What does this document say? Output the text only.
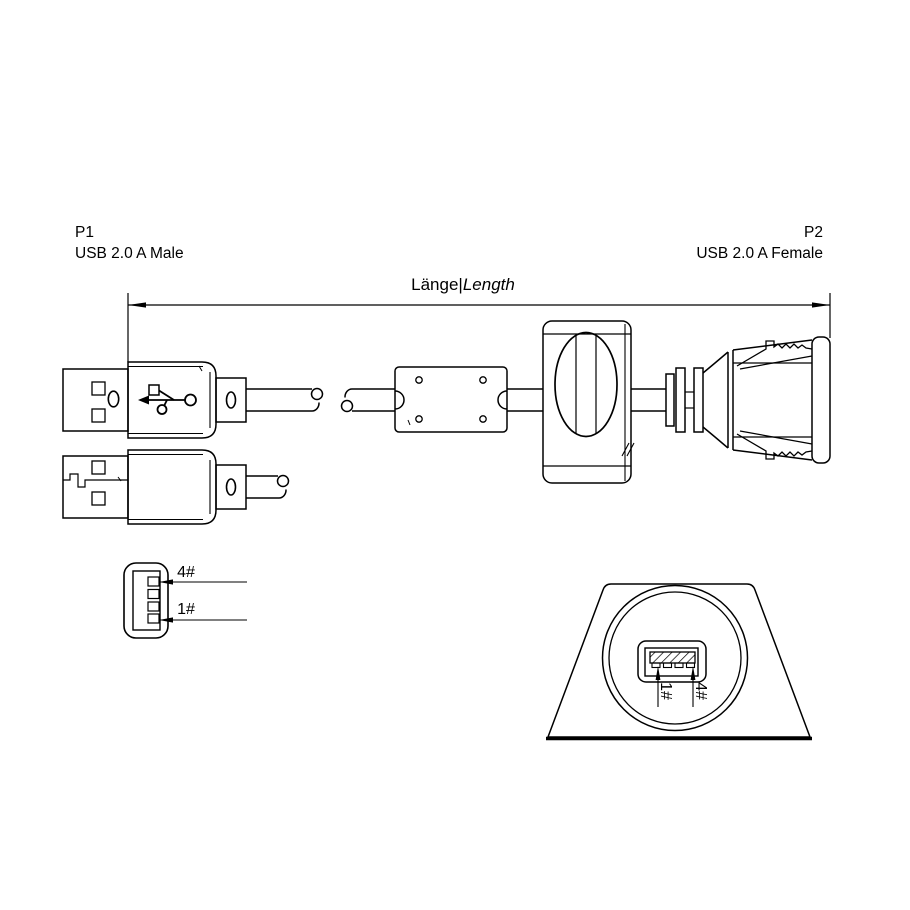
P1
USB 2.0 A Male
P2
USB 2.0 A Female
Länge|Length
4#
1#
1# 4#
